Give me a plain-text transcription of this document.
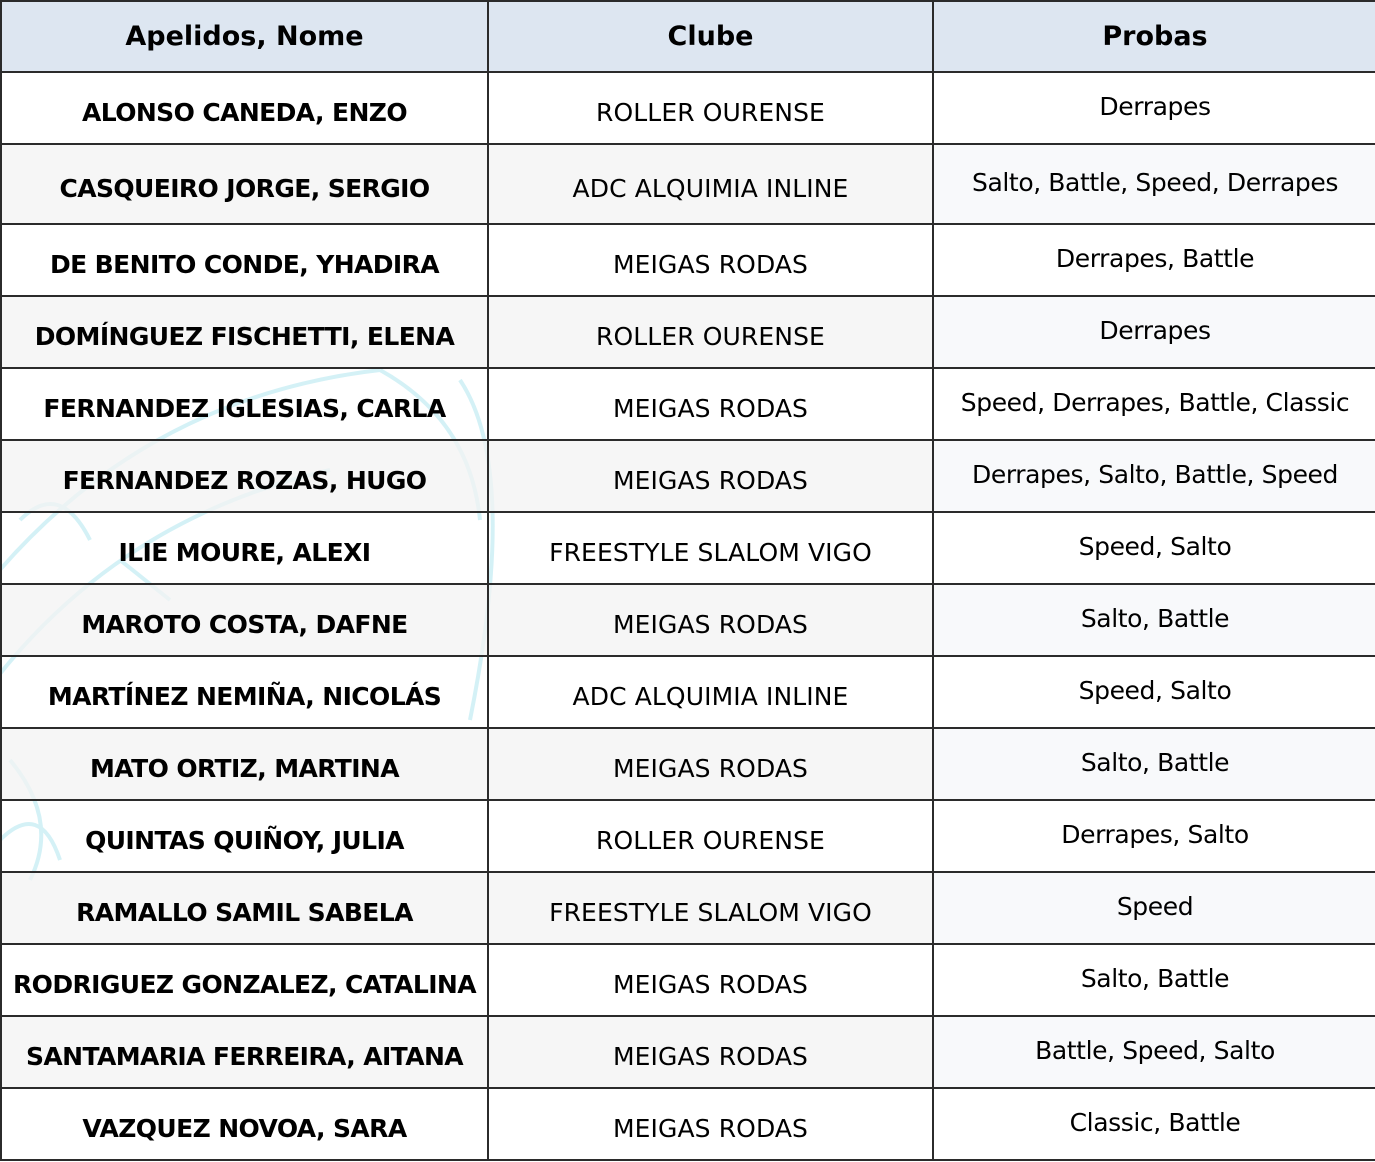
Apelidos, Nome	Clube	Probas
ALONSO CANEDA, ENZO	ROLLER OURENSE	Derrapes
CASQUEIRO JORGE, SERGIO	ADC ALQUIMIA INLINE	Salto, Battle, Speed, Derrapes
DE BENITO CONDE, YHADIRA	MEIGAS RODAS	Derrapes, Battle
DOMÍNGUEZ FISCHETTI, ELENA	ROLLER OURENSE	Derrapes
FERNANDEZ IGLESIAS, CARLA	MEIGAS RODAS	Speed, Derrapes, Battle, Classic
FERNANDEZ ROZAS, HUGO	MEIGAS RODAS	Derrapes, Salto, Battle, Speed
ILIE MOURE, ALEXI	FREESTYLE SLALOM VIGO	Speed, Salto
MAROTO COSTA, DAFNE	MEIGAS RODAS	Salto, Battle
MARTÍNEZ NEMIÑA, NICOLÁS	ADC ALQUIMIA INLINE	Speed, Salto
MATO ORTIZ, MARTINA	MEIGAS RODAS	Salto, Battle
QUINTAS QUIÑOY, JULIA	ROLLER OURENSE	Derrapes, Salto
RAMALLO SAMIL SABELA	FREESTYLE SLALOM VIGO	Speed
RODRIGUEZ GONZALEZ, CATALINA	MEIGAS RODAS	Salto, Battle
SANTAMARIA FERREIRA, AITANA	MEIGAS RODAS	Battle, Speed, Salto
VAZQUEZ NOVOA, SARA	MEIGAS RODAS	Classic, Battle
